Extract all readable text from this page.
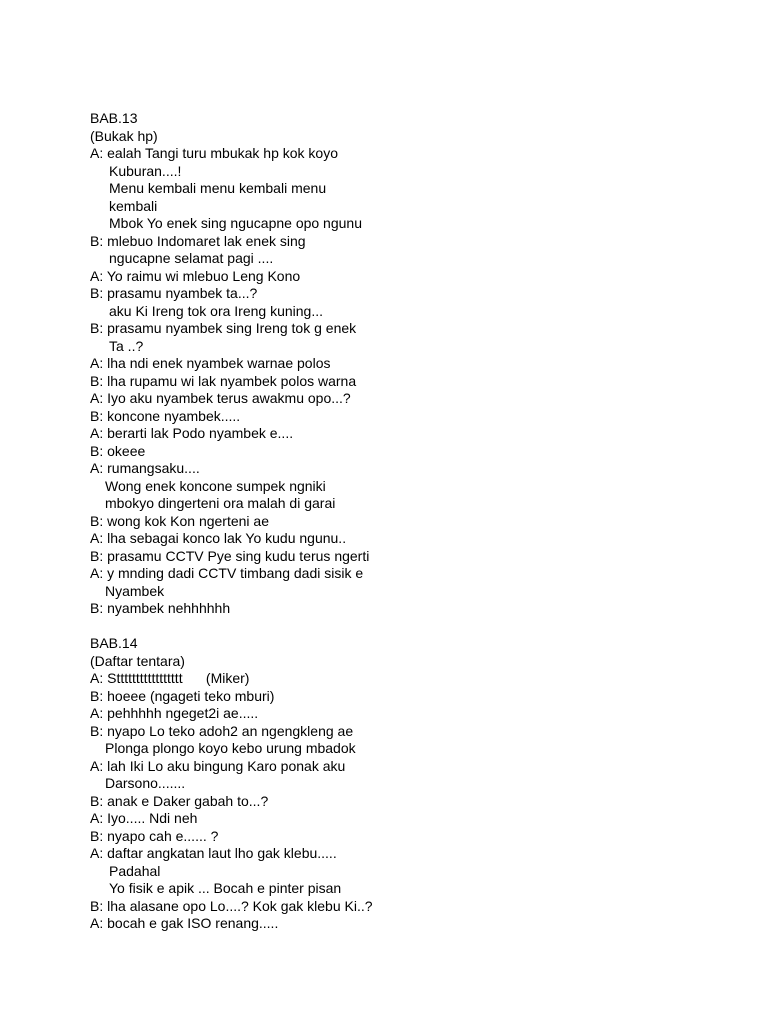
BAB.13
(Bukak hp)
A: ealah Tangi turu mbukak hp kok koyo
Kuburan....!
Menu kembali menu kembali menu
kembali
Mbok Yo enek sing ngucapne opo ngunu
B: mlebuo Indomaret lak enek sing
ngucapne selamat pagi ....
A: Yo raimu wi mlebuo Leng Kono
B: prasamu nyambek ta...?
aku Ki Ireng tok ora Ireng kuning...
B: prasamu nyambek sing Ireng tok g enek
Ta ..?
A: lha ndi enek nyambek warnae polos
B: lha rupamu wi lak nyambek polos warna
A: Iyo aku nyambek terus awakmu opo...?
B: koncone nyambek.....
A: berarti lak Podo nyambek e....
B: okeee
A: rumangsaku....
Wong enek koncone sumpek ngniki
mbokyo dingerteni ora malah di garai
B: wong kok Kon ngerteni ae
A: lha sebagai konco lak Yo kudu ngunu..
B: prasamu CCTV Pye sing kudu terus ngerti
A: y mnding dadi CCTV timbang dadi sisik e
Nyambek
B: nyambek nehhhhhh
BAB.14
(Daftar tentara)
A: Sttttttttttttttttt      (Miker)
B: hoeee (ngageti teko mburi)
A: pehhhhh ngeget2i ae.....
B: nyapo Lo teko adoh2 an ngengkleng ae
Plonga plongo koyo kebo urung mbadok
A: lah Iki Lo aku bingung Karo ponak aku
Darsono.......
B: anak e Daker gabah to...?
A: Iyo..... Ndi neh
B: nyapo cah e...... ?
A: daftar angkatan laut lho gak klebu.....
Padahal
Yo fisik e apik ... Bocah e pinter pisan
B: lha alasane opo Lo....? Kok gak klebu Ki..?
A: bocah e gak ISO renang.....
